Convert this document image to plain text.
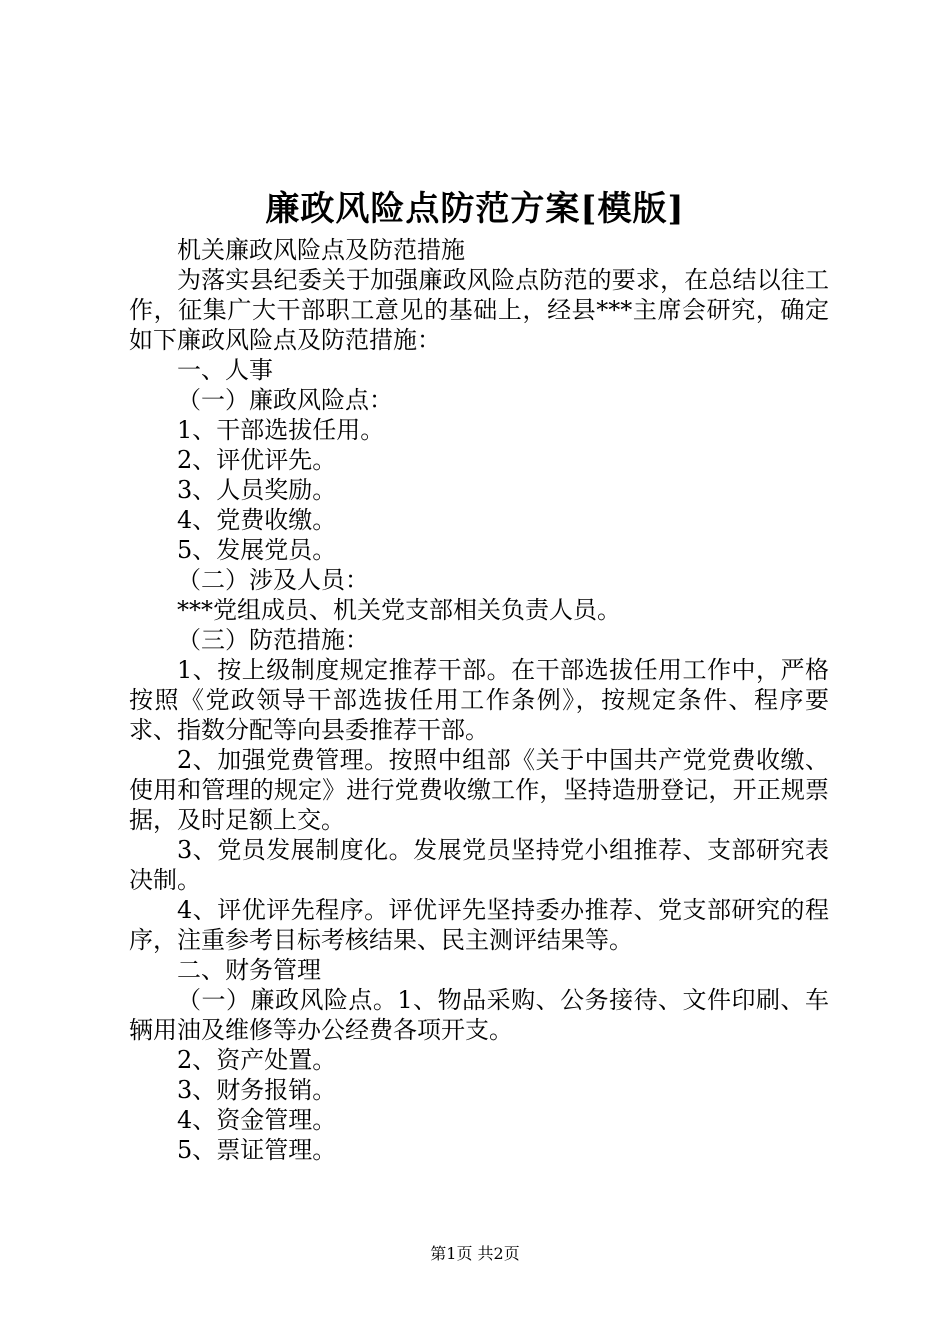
廉政风险点防范方案[模版]

机关廉政风险点及防范措施

为落实县纪委关于加强廉政风险点防范的要求，在总结以往工作，征集广大干部职工意见的基础上，经县***主席会研究，确定如下廉政风险点及防范措施：

一、人事

（一）廉政风险点：

1、干部选拔任用。

2、评优评先。

3、人员奖励。

4、党费收缴。

5、发展党员。

（二）涉及人员：

***党组成员、机关党支部相关负责人员。

（三）防范措施：

1、按上级制度规定推荐干部。在干部选拔任用工作中，严格按照《党政领导干部选拔任用工作条例》，按规定条件、程序要求、指数分配等向县委推荐干部。

2、加强党费管理。按照中组部《关于中国共产党党费收缴、使用和管理的规定》进行党费收缴工作，坚持造册登记，开正规票据，及时足额上交。

3、党员发展制度化。发展党员坚持党小组推荐、支部研究表决制。

4、评优评先程序。评优评先坚持委办推荐、党支部研究的程序，注重参考目标考核结果、民主测评结果等。

二、财务管理

（一）廉政风险点。1、物品采购、公务接待、文件印刷、车辆用油及维修等办公经费各项开支。

2、资产处置。

3、财务报销。

4、资金管理。

5、票证管理。

第1页 共2页
